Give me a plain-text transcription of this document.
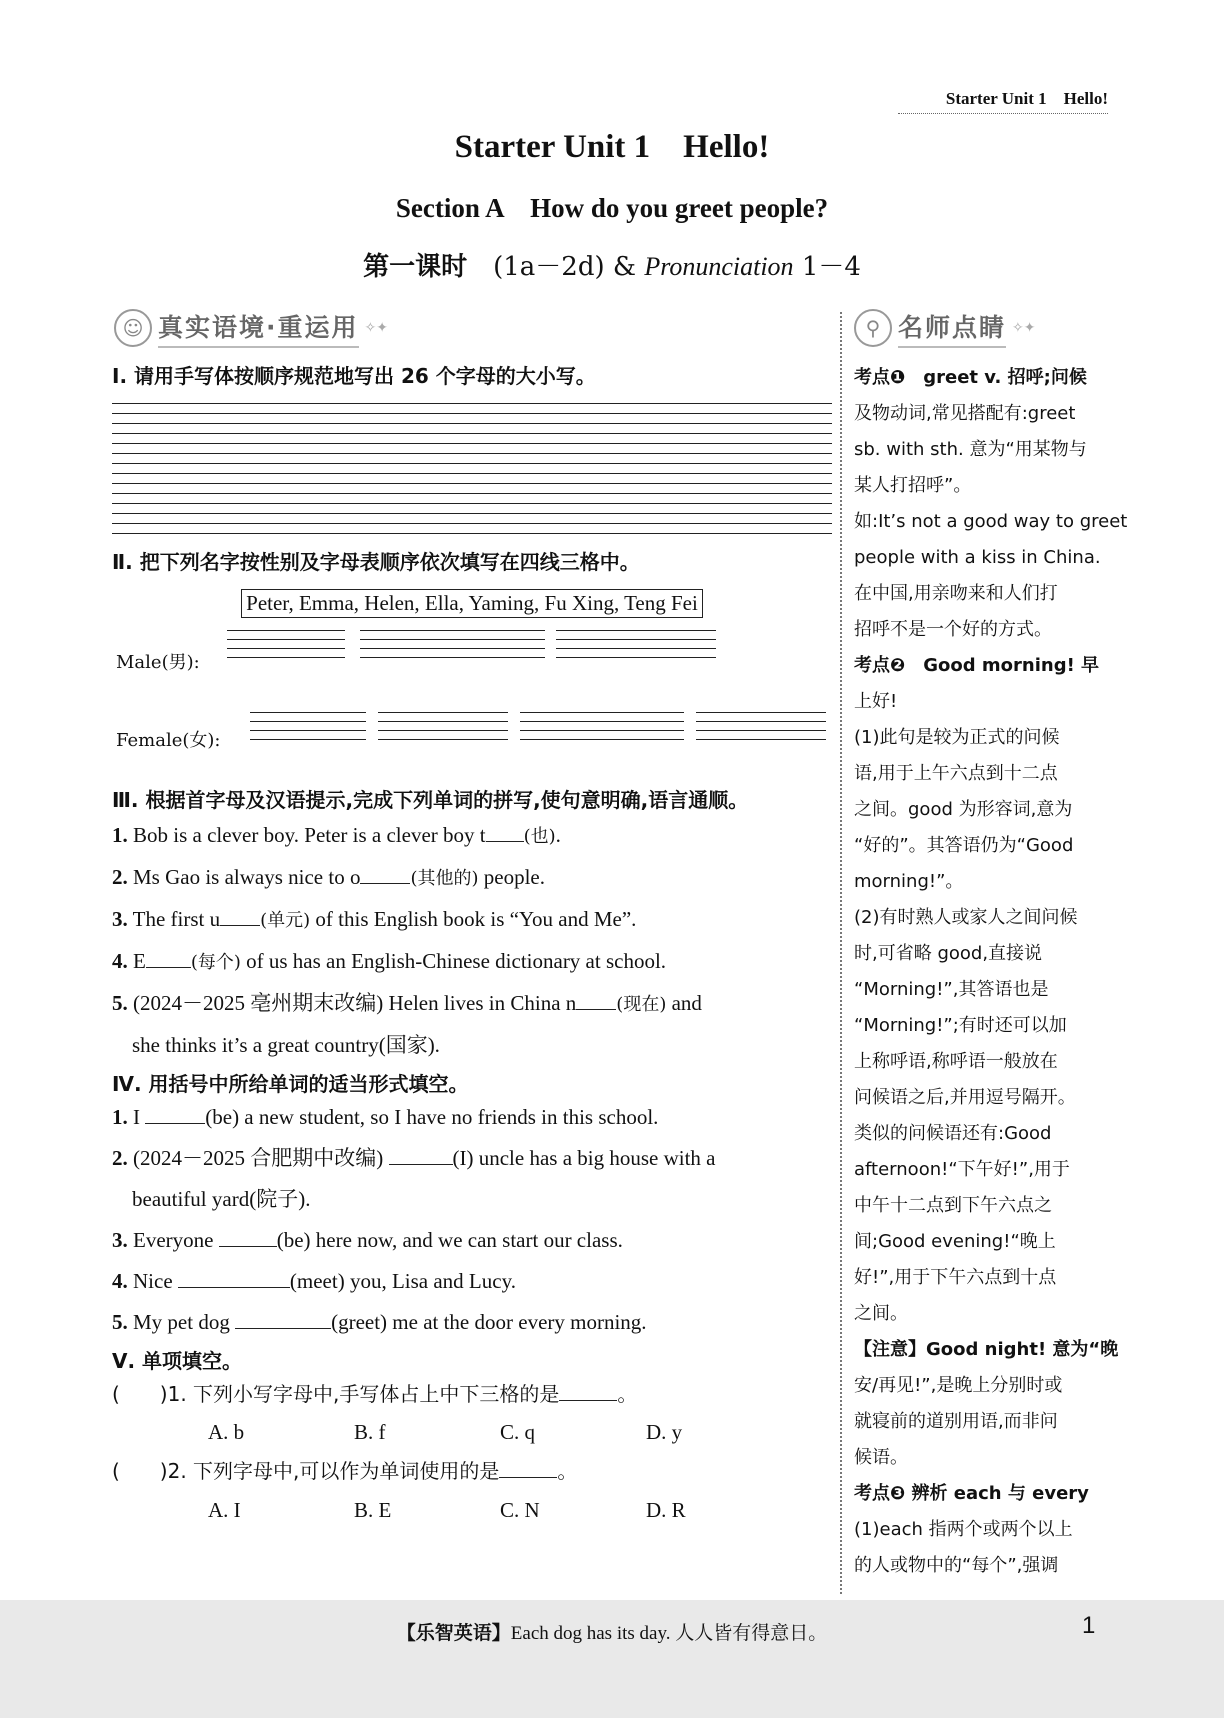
Starter Unit 1　Hello!
Starter Unit 1　Hello!
Section A　How do you greet people?
第一课时　 (1a－2d) & Pronunciation 1－4
☺ 真实语境·重运用 ✧✦	⚲ 名师点睛 ✧✦

Ⅰ. 请用手写体按顺序规范地写出 26 个字母的大小写。

Ⅱ. 把下列名字按性别及字母表顺序依次填写在四线三格中。

Peter, Emma, Helen, Ella, Yaming, Fu Xing, Teng Fei
Male(男):
Female(女):

Ⅲ. 根据首字母及汉语提示,完成下列单词的拼写,使句意明确,语言通顺。

1. Bob is a clever boy. Peter is a clever boy t (也).
2. Ms Gao is always nice to o	(其他的) people.
3. The first u (单元) of this English book is “You and Me”.
4. E	(每个) of us has an English-Chinese dictionary at school.
5. (2024－2025 亳州期末改编) Helen lives in China n (现在) and
she thinks it’s a great country(国家).

Ⅳ. 用括号中所给单词的适当形式填空。

1. I	(be) a new student, so I have no friends in this school.
2. (2024－2025 合肥期中改编)	(I) uncle has a big house with a
beautiful yard(院子).
3. Everyone	(be) here now, and we can start our class.
4. Nice	(meet) you, Lisa and Lucy.
5. My pet dog	(greet) me at the door every morning.

Ⅴ. 单项填空。

(　　)1. 下列小写字母中,手写体占上中下三格的是	。
A. b	B. f	C. q	D. y
(　　)2. 下列字母中,可以作为单词使用的是	。
A. I	B. E	C. N	D. R
考点❶　greet v. 招呼;问候
及物动词,常见搭配有:greet
sb. with sth. 意为“用某物与
某人打招呼”。
如:It’s not a good way to greet
people with a kiss in China.
在中国,用亲吻来和人们打
招呼不是一个好的方式。
考点❷　Good morning! 早
上好!
(1)此句是较为正式的问候
语,用于上午六点到十二点
之间。good 为形容词,意为
“好的”。其答语仍为“Good
morning!”。
(2)有时熟人或家人之间问候
时,可省略 good,直接说
“Morning!”,其答语也是
“Morning!”;有时还可以加
上称呼语,称呼语一般放在
问候语之后,并用逗号隔开。
类似的问候语还有:Good
afternoon!“下午好!”,用于
中午十二点到下午六点之
间;Good evening!“晚上
好!”,用于下午六点到十点
之间。
【注意】Good night! 意为“晚
安/再见!”,是晚上分别时或
就寝前的道别用语,而非问
候语。
考点❸ 辨析 each 与 every
(1)each 指两个或两个以上
的人或物中的“每个”,强调
【乐智英语】Each dog has its day. 人人皆有得意日。	1
